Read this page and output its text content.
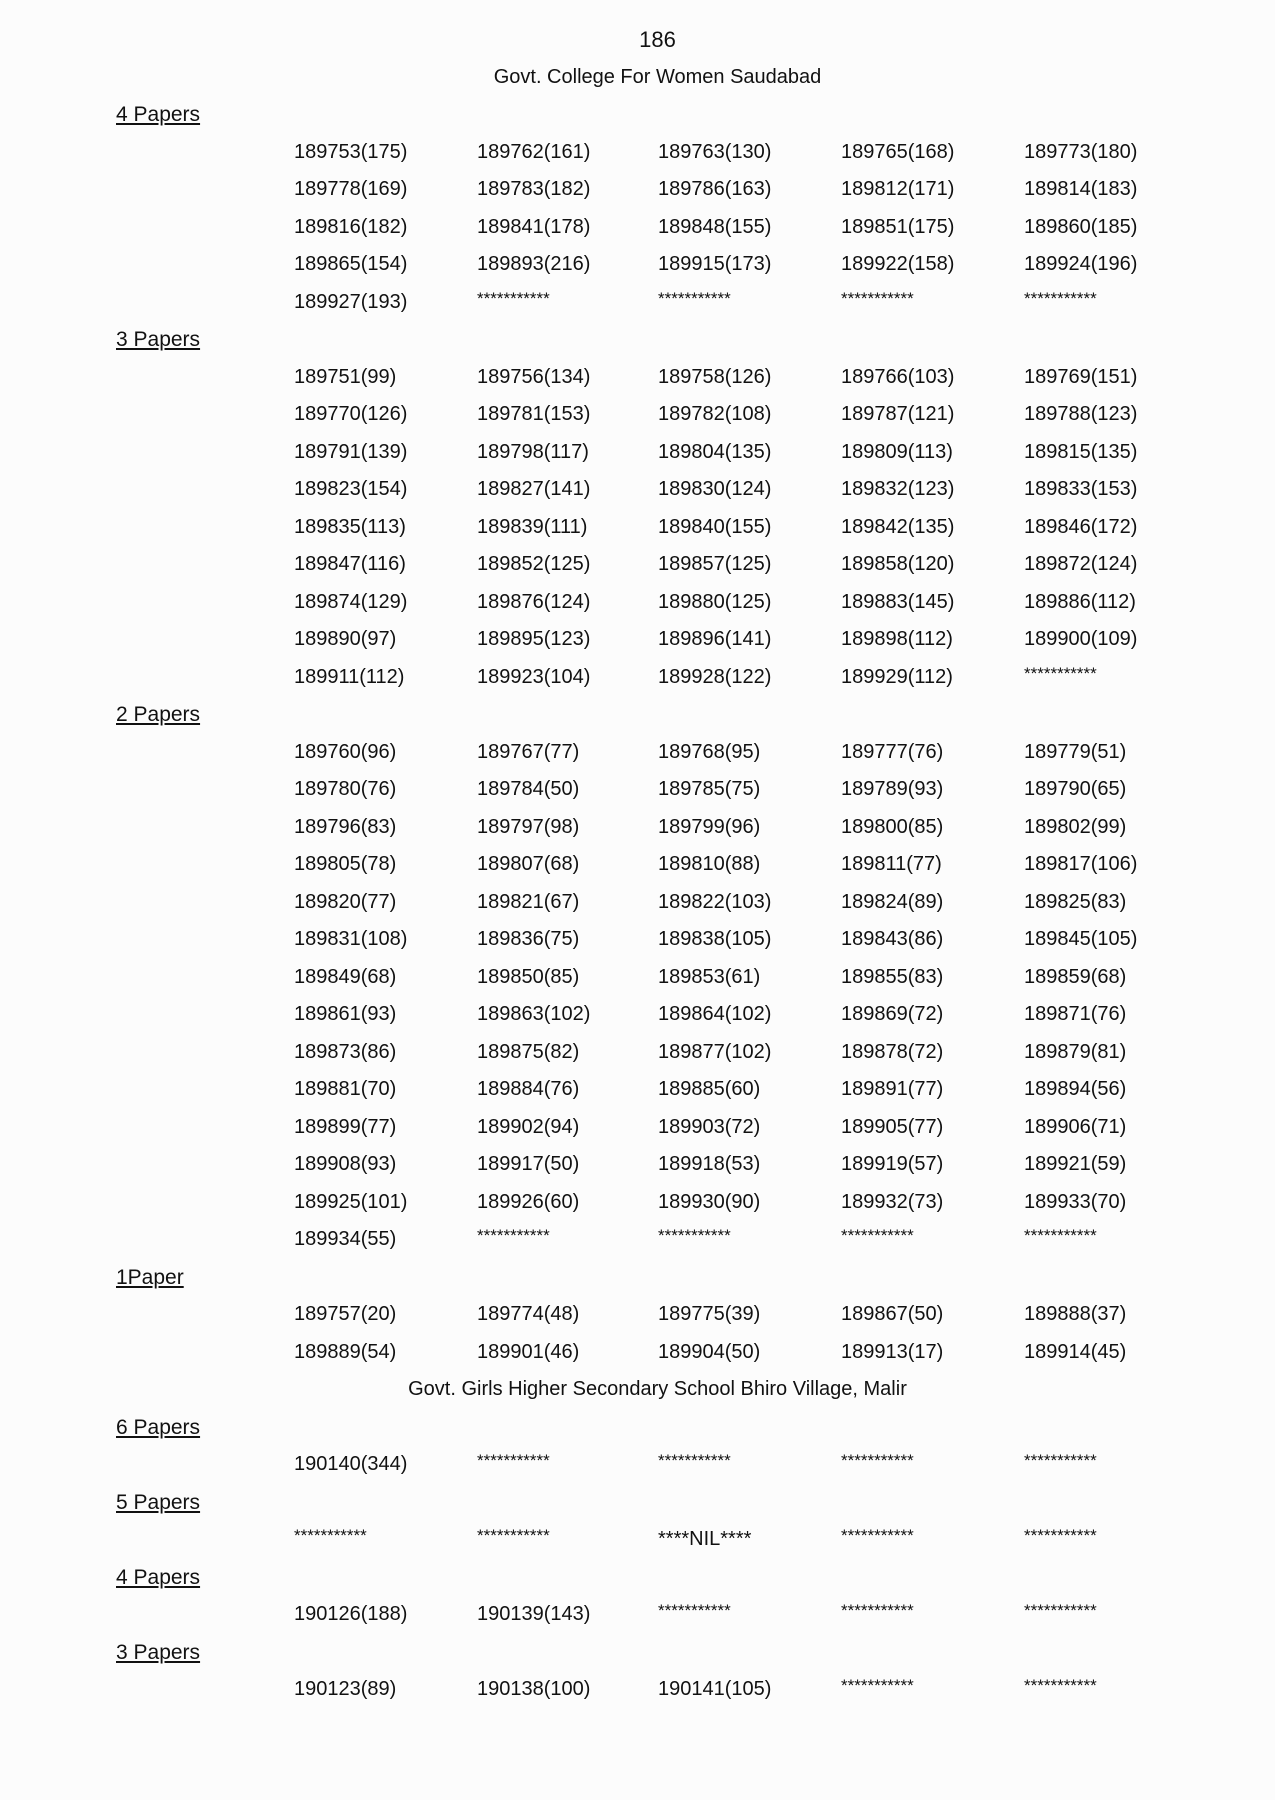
186
Govt. College For Women Saudabad
4 Papers
189753(175)	189762(161)	189763(130)	189765(168)	189773(180)
189778(169)	189783(182)	189786(163)	189812(171)	189814(183)
189816(182)	189841(178)	189848(155)	189851(175)	189860(185)
189865(154)	189893(216)	189915(173)	189922(158)	189924(196)
189927(193)	***********	***********	***********	***********
3 Papers
189751(99)	189756(134)	189758(126)	189766(103)	189769(151)
189770(126)	189781(153)	189782(108)	189787(121)	189788(123)
189791(139)	189798(117)	189804(135)	189809(113)	189815(135)
189823(154)	189827(141)	189830(124)	189832(123)	189833(153)
189835(113)	189839(111)	189840(155)	189842(135)	189846(172)
189847(116)	189852(125)	189857(125)	189858(120)	189872(124)
189874(129)	189876(124)	189880(125)	189883(145)	189886(112)
189890(97)	189895(123)	189896(141)	189898(112)	189900(109)
189911(112)	189923(104)	189928(122)	189929(112)	***********
2 Papers
189760(96)	189767(77)	189768(95)	189777(76)	189779(51)
189780(76)	189784(50)	189785(75)	189789(93)	189790(65)
189796(83)	189797(98)	189799(96)	189800(85)	189802(99)
189805(78)	189807(68)	189810(88)	189811(77)	189817(106)
189820(77)	189821(67)	189822(103)	189824(89)	189825(83)
189831(108)	189836(75)	189838(105)	189843(86)	189845(105)
189849(68)	189850(85)	189853(61)	189855(83)	189859(68)
189861(93)	189863(102)	189864(102)	189869(72)	189871(76)
189873(86)	189875(82)	189877(102)	189878(72)	189879(81)
189881(70)	189884(76)	189885(60)	189891(77)	189894(56)
189899(77)	189902(94)	189903(72)	189905(77)	189906(71)
189908(93)	189917(50)	189918(53)	189919(57)	189921(59)
189925(101)	189926(60)	189930(90)	189932(73)	189933(70)
189934(55)	***********	***********	***********	***********
1Paper
189757(20)	189774(48)	189775(39)	189867(50)	189888(37)
189889(54)	189901(46)	189904(50)	189913(17)	189914(45)
Govt. Girls Higher Secondary School Bhiro Village, Malir
6 Papers
190140(344)	***********	***********	***********	***********
5 Papers
***********	***********	****NIL****	***********	***********
4 Papers
190126(188)	190139(143)	***********	***********	***********
3 Papers
190123(89)	190138(100)	190141(105)	***********	***********
